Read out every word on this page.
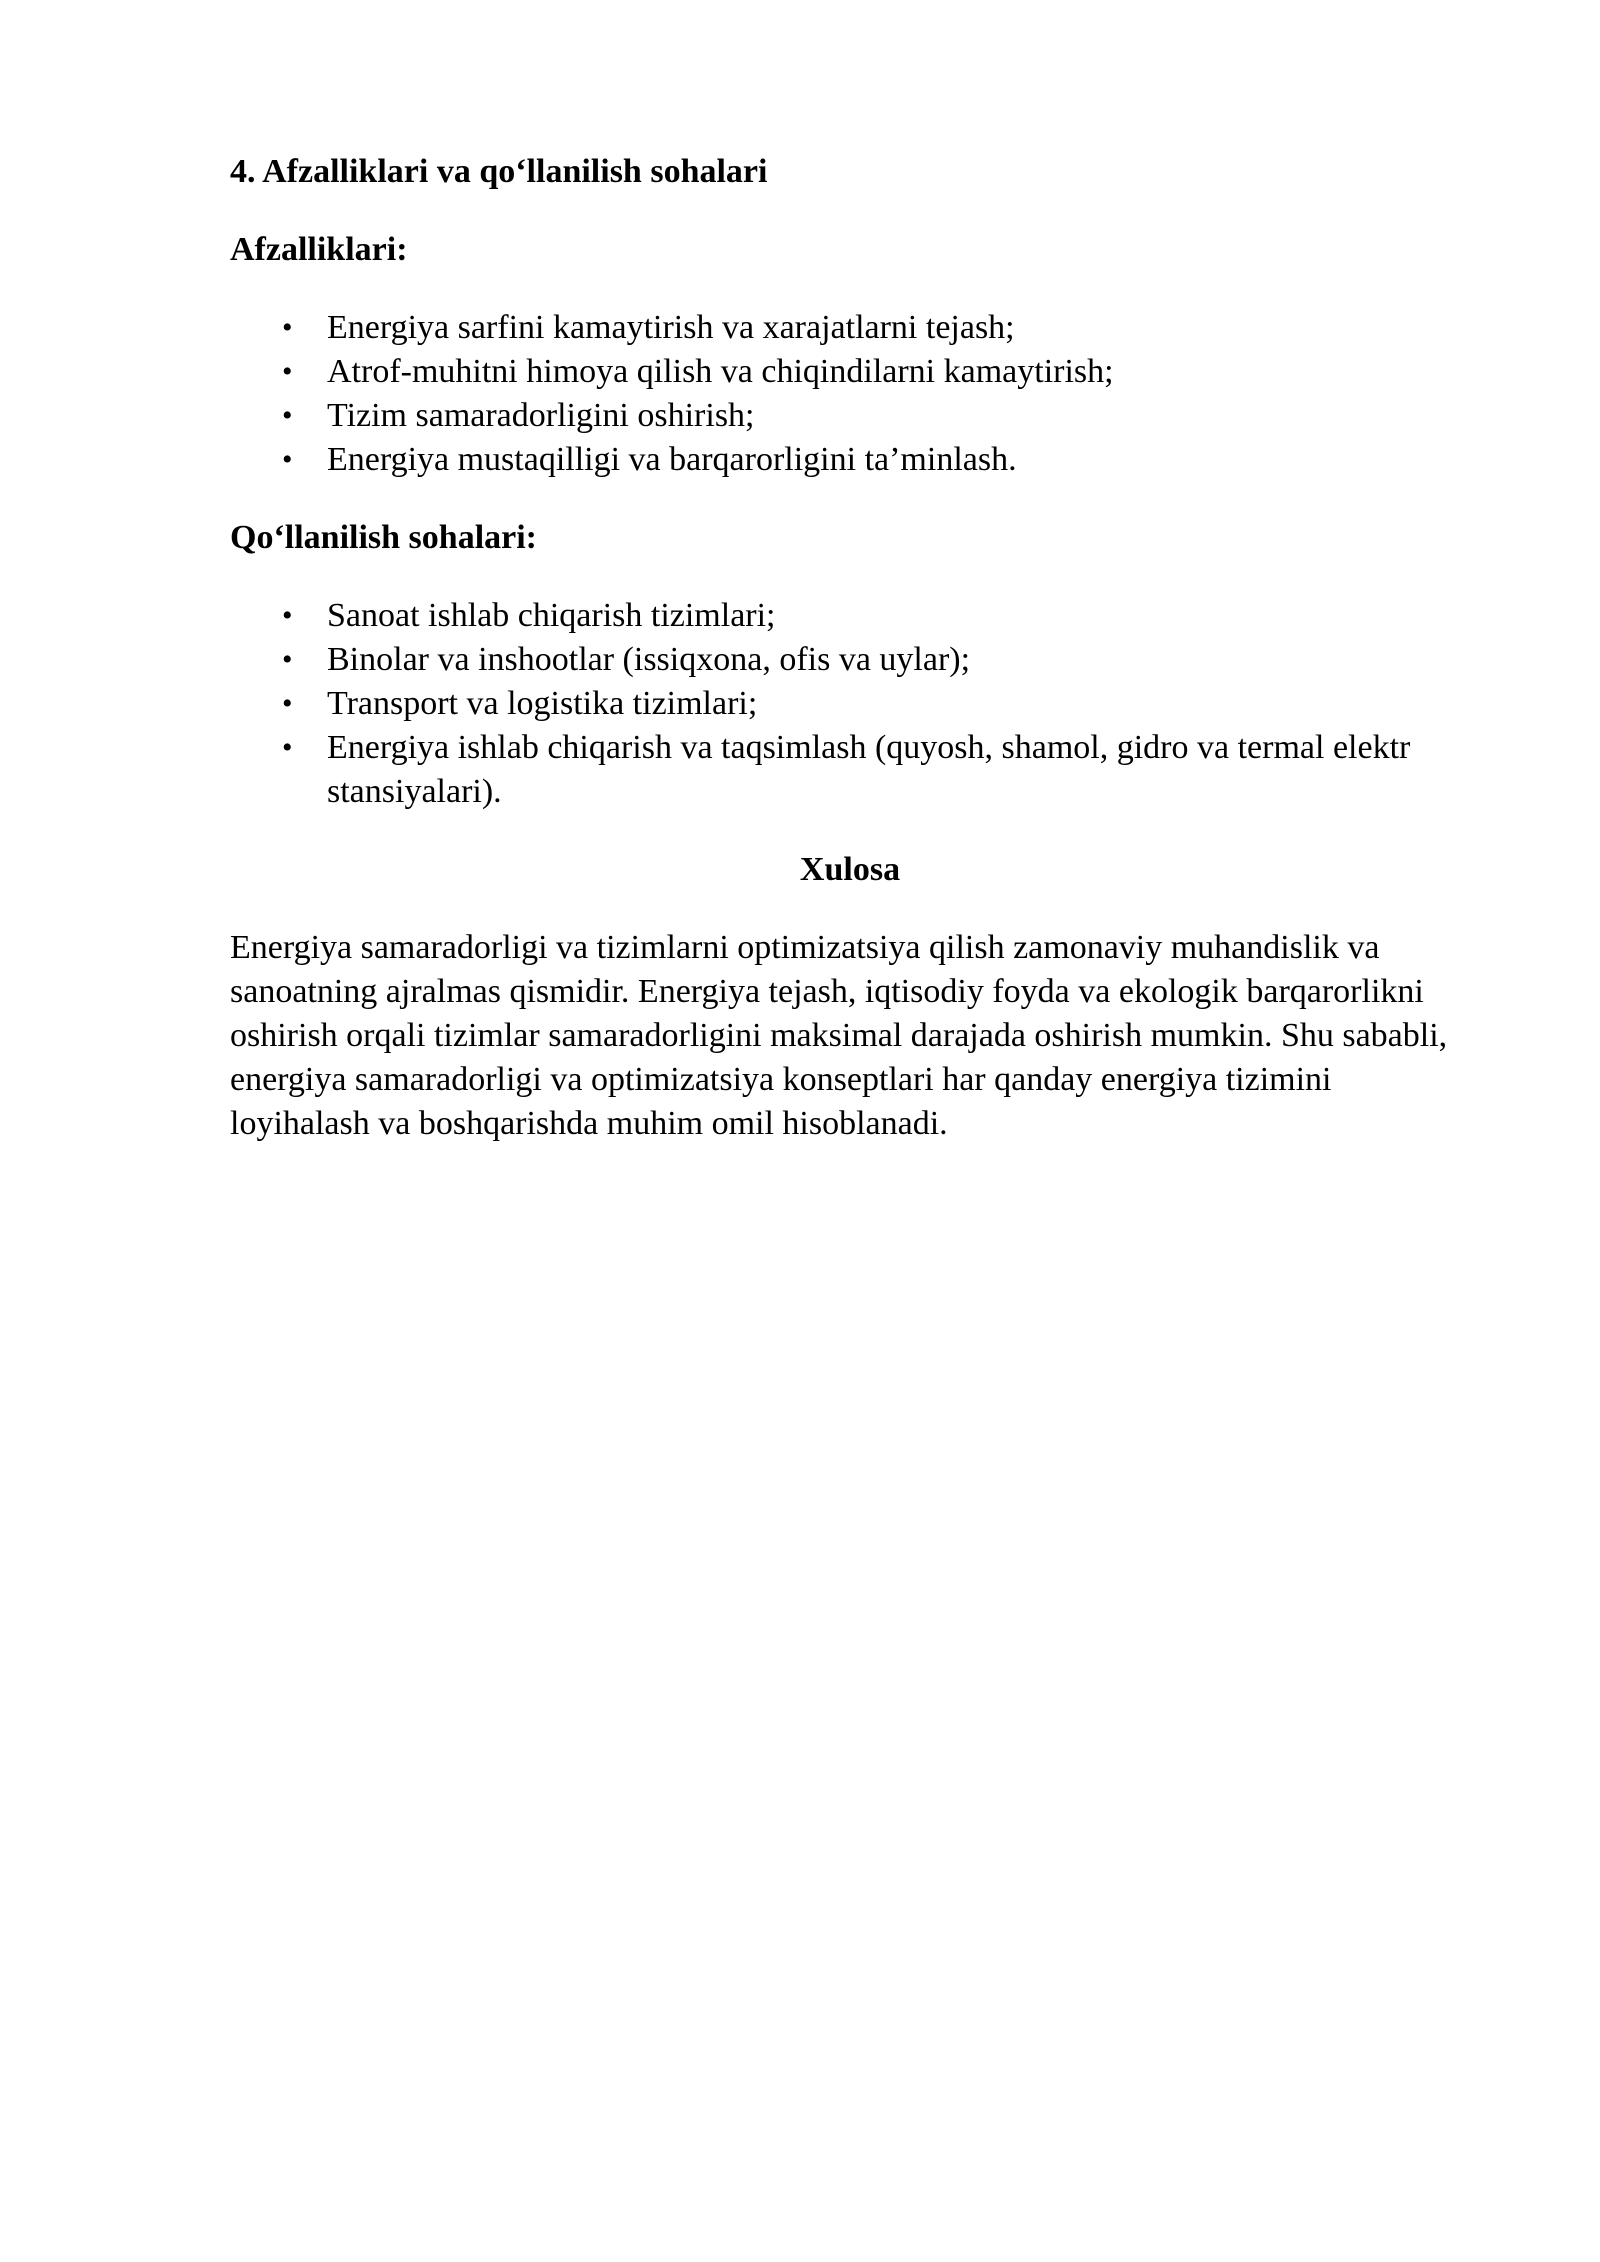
4. Afzalliklari va qo‘llanilish sohalari
Afzalliklari:
• Energiya sarfini kamaytirish va xarajatlarni tejash;
• Atrof-muhitni himoya qilish va chiqindilarni kamaytirish;
• Tizim samaradorligini oshirish;
• Energiya mustaqilligi va barqarorligini ta’minlash.
Qo‘llanilish sohalari:
• Sanoat ishlab chiqarish tizimlari;
• Binolar va inshootlar (issiqxona, ofis va uylar);
• Transport va logistika tizimlari;
• Energiya ishlab chiqarish va taqsimlash (quyosh, shamol, gidro va termal elektr stansiyalari).
Xulosa

Energiya samaradorligi va tizimlarni optimizatsiya qilish zamonaviy muhandislik va sanoatning ajralmas qismidir. Energiya tejash, iqtisodiy foyda va ekologik barqarorlikni oshirish orqali tizimlar samaradorligini maksimal darajada oshirish mumkin. Shu sababli, energiya samaradorligi va optimizatsiya konseptlari har qanday energiya tizimini loyihalash va boshqarishda muhim omil hisoblanadi.
